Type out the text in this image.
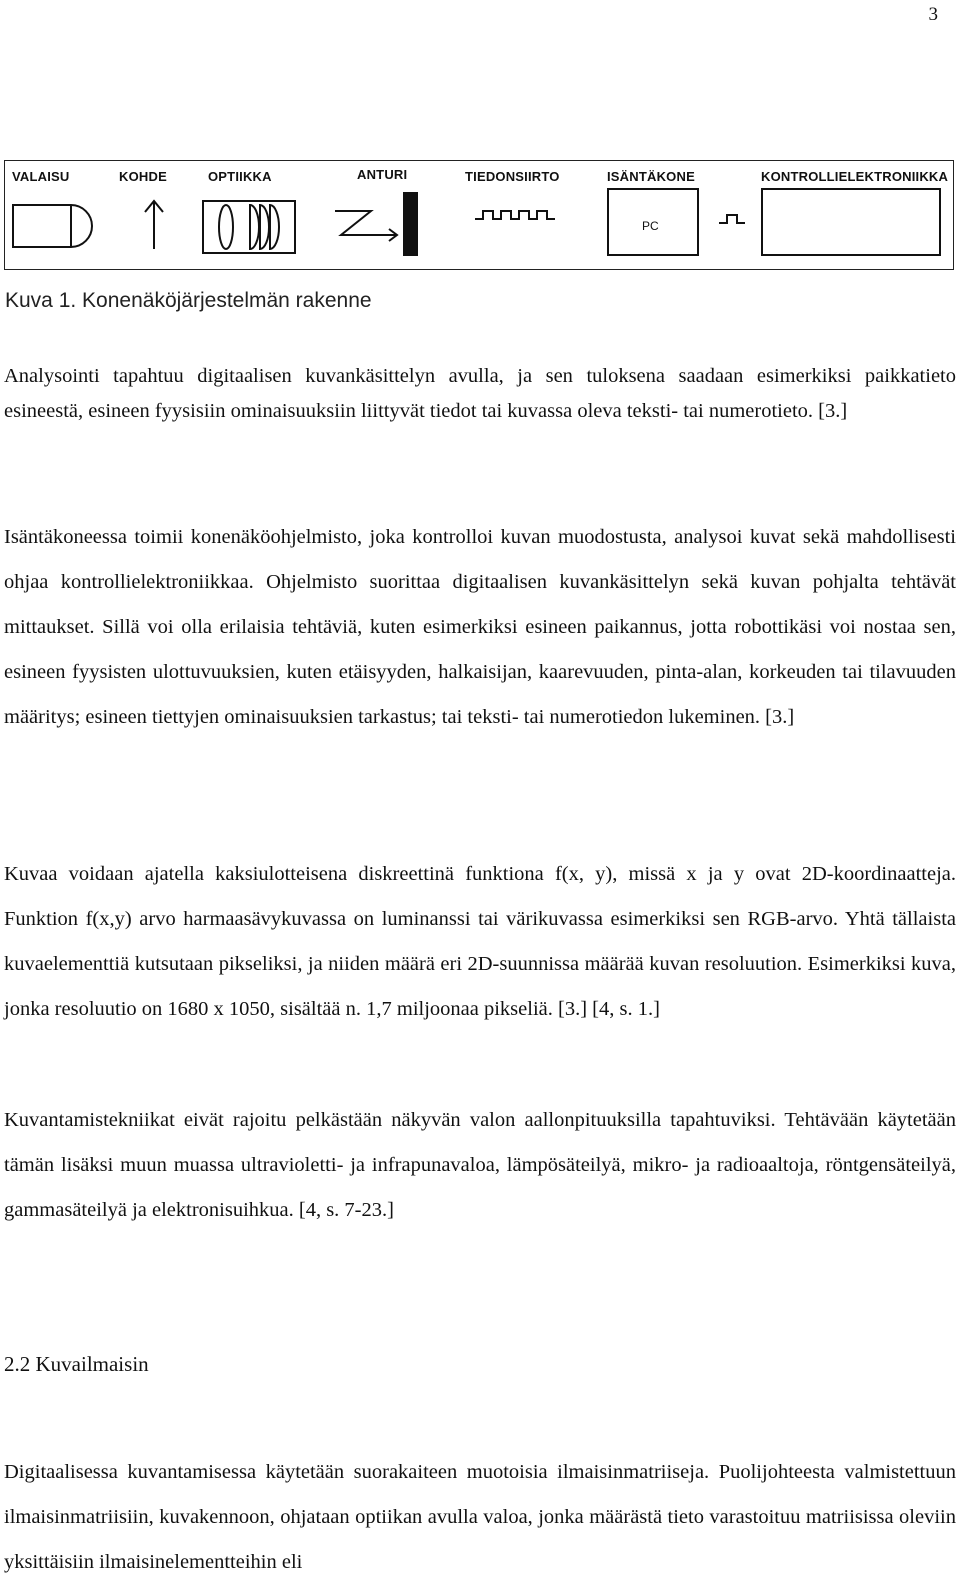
3
VALAISU	KOHDE	OPTIIKKA	ANTURI	TIEDONSIIRTO	ISÄNTÄKONE	KONTROLLIELEKTRONIIKKA
PC
Kuva 1. Konenäköjärjestelmän rakenne

Analysointi tapahtuu digitaalisen kuvankäsittelyn avulla, ja sen tuloksena saadaan esimerkiksi paikkatieto esineestä, esineen fyysisiin ominaisuuksiin liittyvät tiedot tai kuvassa oleva teksti- tai numerotieto. [3.]

Isäntäkoneessa toimii konenäköohjelmisto, joka kontrolloi kuvan muodostusta, analysoi kuvat sekä mahdollisesti ohjaa kontrollielektroniikkaa. Ohjelmisto suorittaa digitaalisen kuvankäsittelyn sekä kuvan pohjalta tehtävät mittaukset. Sillä voi olla erilaisia tehtäviä, kuten esimerkiksi esineen paikannus, jotta robottikäsi voi nostaa sen, esineen fyysisten ulottuvuuksien, kuten etäisyyden, halkaisijan, kaarevuuden, pinta-alan, korkeuden tai tilavuuden määritys; esineen tiettyjen ominaisuuksien tarkastus; tai teksti- tai numerotiedon lukeminen. [3.]

Kuvaa voidaan ajatella kaksiulotteisena diskreettinä funktiona f(x, y), missä x ja y ovat 2D-koordinaatteja. Funktion f(x,y) arvo harmaasävykuvassa on luminanssi tai värikuvassa esimerkiksi sen RGB-arvo. Yhtä tällaista kuvaelementtiä kutsutaan pikseliksi, ja niiden määrä eri 2D-suunnissa määrää kuvan resoluution. Esimerkiksi kuva, jonka resoluutio on 1680 x 1050, sisältää n. 1,7 miljoonaa pikseliä. [3.] [4, s. 1.]

Kuvantamistekniikat eivät rajoitu pelkästään näkyvän valon aallonpituuksilla tapahtuviksi. Tehtävään käytetään tämän lisäksi muun muassa ultravioletti- ja infrapunavaloa, lämpösäteilyä, mikro- ja radioaaltoja, röntgensäteilyä, gammasäteilyä ja elektronisuihkua. [4, s. 7-23.]

2.2 Kuvailmaisin

Digitaalisessa kuvantamisessa käytetään suorakaiteen muotoisia ilmaisinmatriiseja. Puolijohteesta valmistettuun ilmaisinmatriisiin, kuvakennoon, ohjataan optiikan avulla valoa, jonka määrästä tieto varastoituu matriisissa oleviin yksittäisiin ilmaisinelementteihin eli
